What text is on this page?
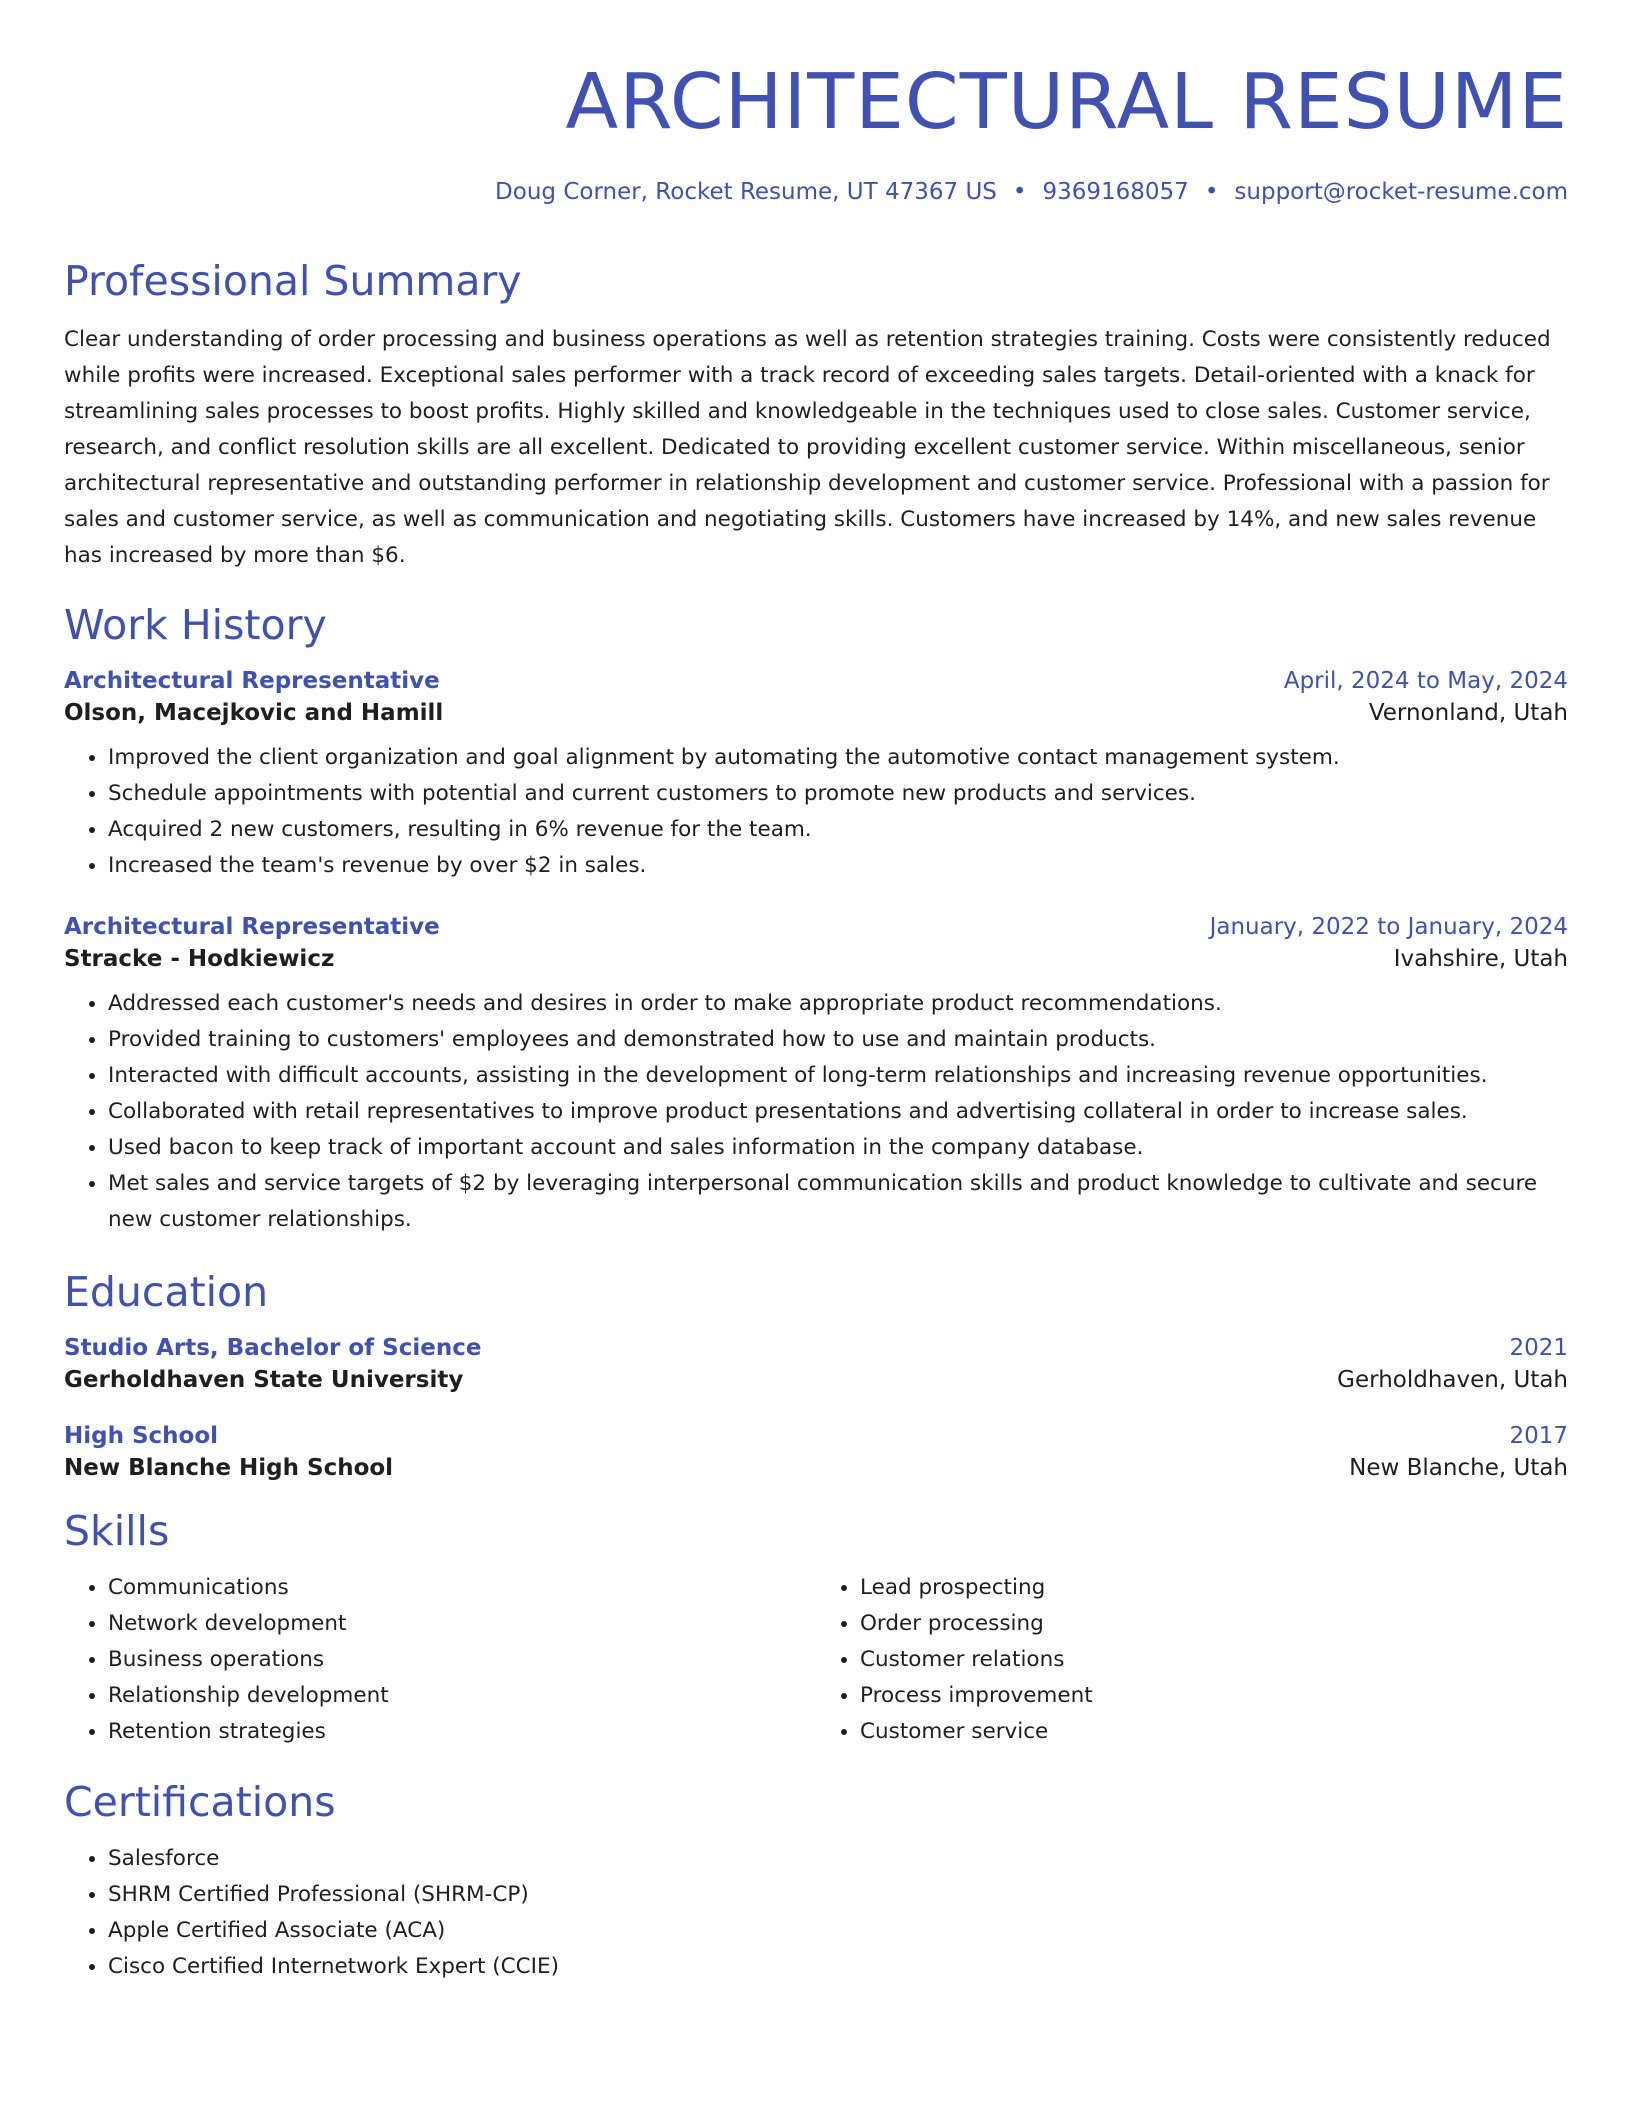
ARCHITECTURAL RESUME
Doug Corner, Rocket Resume, UT 47367 US • 9369168057 • support@rocket-resume.com
Professional Summary

Clear understanding of order processing and business operations as well as retention strategies training. Costs were consistently reduced while profits were increased. Exceptional sales performer with a track record of exceeding sales targets. Detail-oriented with a knack for streamlining sales processes to boost profits. Highly skilled and knowledgeable in the techniques used to close sales. Customer service, research, and conflict resolution skills are all excellent. Dedicated to providing excellent customer service. Within miscellaneous, senior architectural representative and outstanding performer in relationship development and customer service. Professional with a passion for sales and customer service, as well as communication and negotiating skills. Customers have increased by 14%, and new sales revenue has increased by more than $6.

Work History
Architectural Representative	April, 2024 to May, 2024
Olson, Macejkovic and Hamill	Vernonland, Utah
• Improved the client organization and goal alignment by automating the automotive contact management system.
• Schedule appointments with potential and current customers to promote new products and services.
• Acquired 2 new customers, resulting in 6% revenue for the team.
• Increased the team's revenue by over $2 in sales.
Architectural Representative	January, 2022 to January, 2024
Stracke - Hodkiewicz	Ivahshire, Utah
• Addressed each customer's needs and desires in order to make appropriate product recommendations.
• Provided training to customers' employees and demonstrated how to use and maintain products.
• Interacted with difficult accounts, assisting in the development of long-term relationships and increasing revenue opportunities.
• Collaborated with retail representatives to improve product presentations and advertising collateral in order to increase sales.
• Used bacon to keep track of important account and sales information in the company database.
• Met sales and service targets of $2 by leveraging interpersonal communication skills and product knowledge to cultivate and secure new customer relationships.
Education
Studio Arts, Bachelor of Science	2021
Gerholdhaven State University	Gerholdhaven, Utah
High School	2017
New Blanche High School	New Blanche, Utah
Skills
• Communications
• Network development
• Business operations
• Relationship development
• Retention strategies
• Lead prospecting
• Order processing
• Customer relations
• Process improvement
• Customer service
Certifications
• Salesforce
• SHRM Certified Professional (SHRM-CP)
• Apple Certified Associate (ACA)
• Cisco Certified Internetwork Expert (CCIE)
